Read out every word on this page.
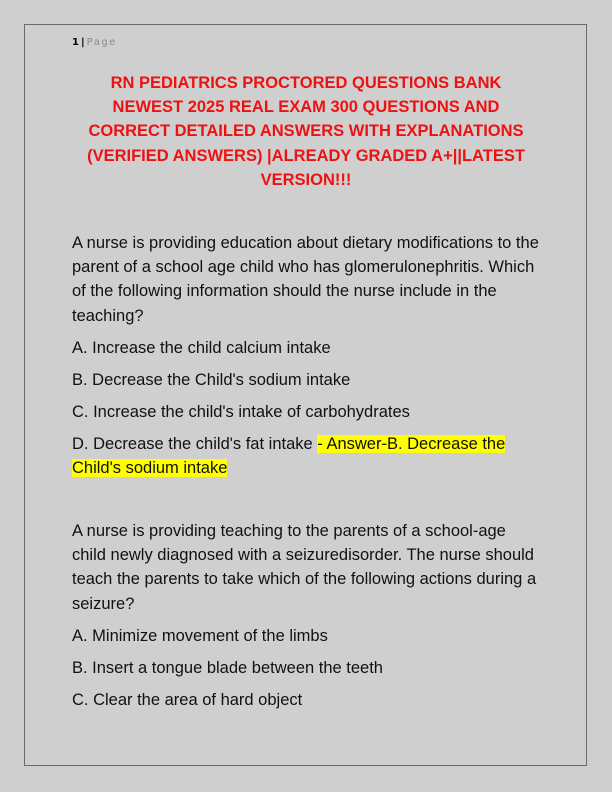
1 | Page
RN PEDIATRICS PROCTORED QUESTIONS BANK NEWEST 2025 REAL EXAM 300 QUESTIONS AND CORRECT DETAILED ANSWERS WITH EXPLANATIONS (VERIFIED ANSWERS) |ALREADY GRADED A+||LATEST VERSION!!!

A nurse is providing education about dietary modifications to the parent of a school age child who has glomerulonephritis. Which of the following information should the nurse include in the teaching?

A. Increase the child calcium intake

B. Decrease the Child's sodium intake

C. Increase the child's intake of carbohydrates

D. Decrease the child's fat intake - Answer-B. Decrease the Child's sodium intake

A nurse is providing teaching to the parents of a school-age child newly diagnosed with a seizuredisorder. The nurse should teach the parents to take which of the following actions during a seizure?

A. Minimize movement of the limbs

B. Insert a tongue blade between the teeth

C. Clear the area of hard object
